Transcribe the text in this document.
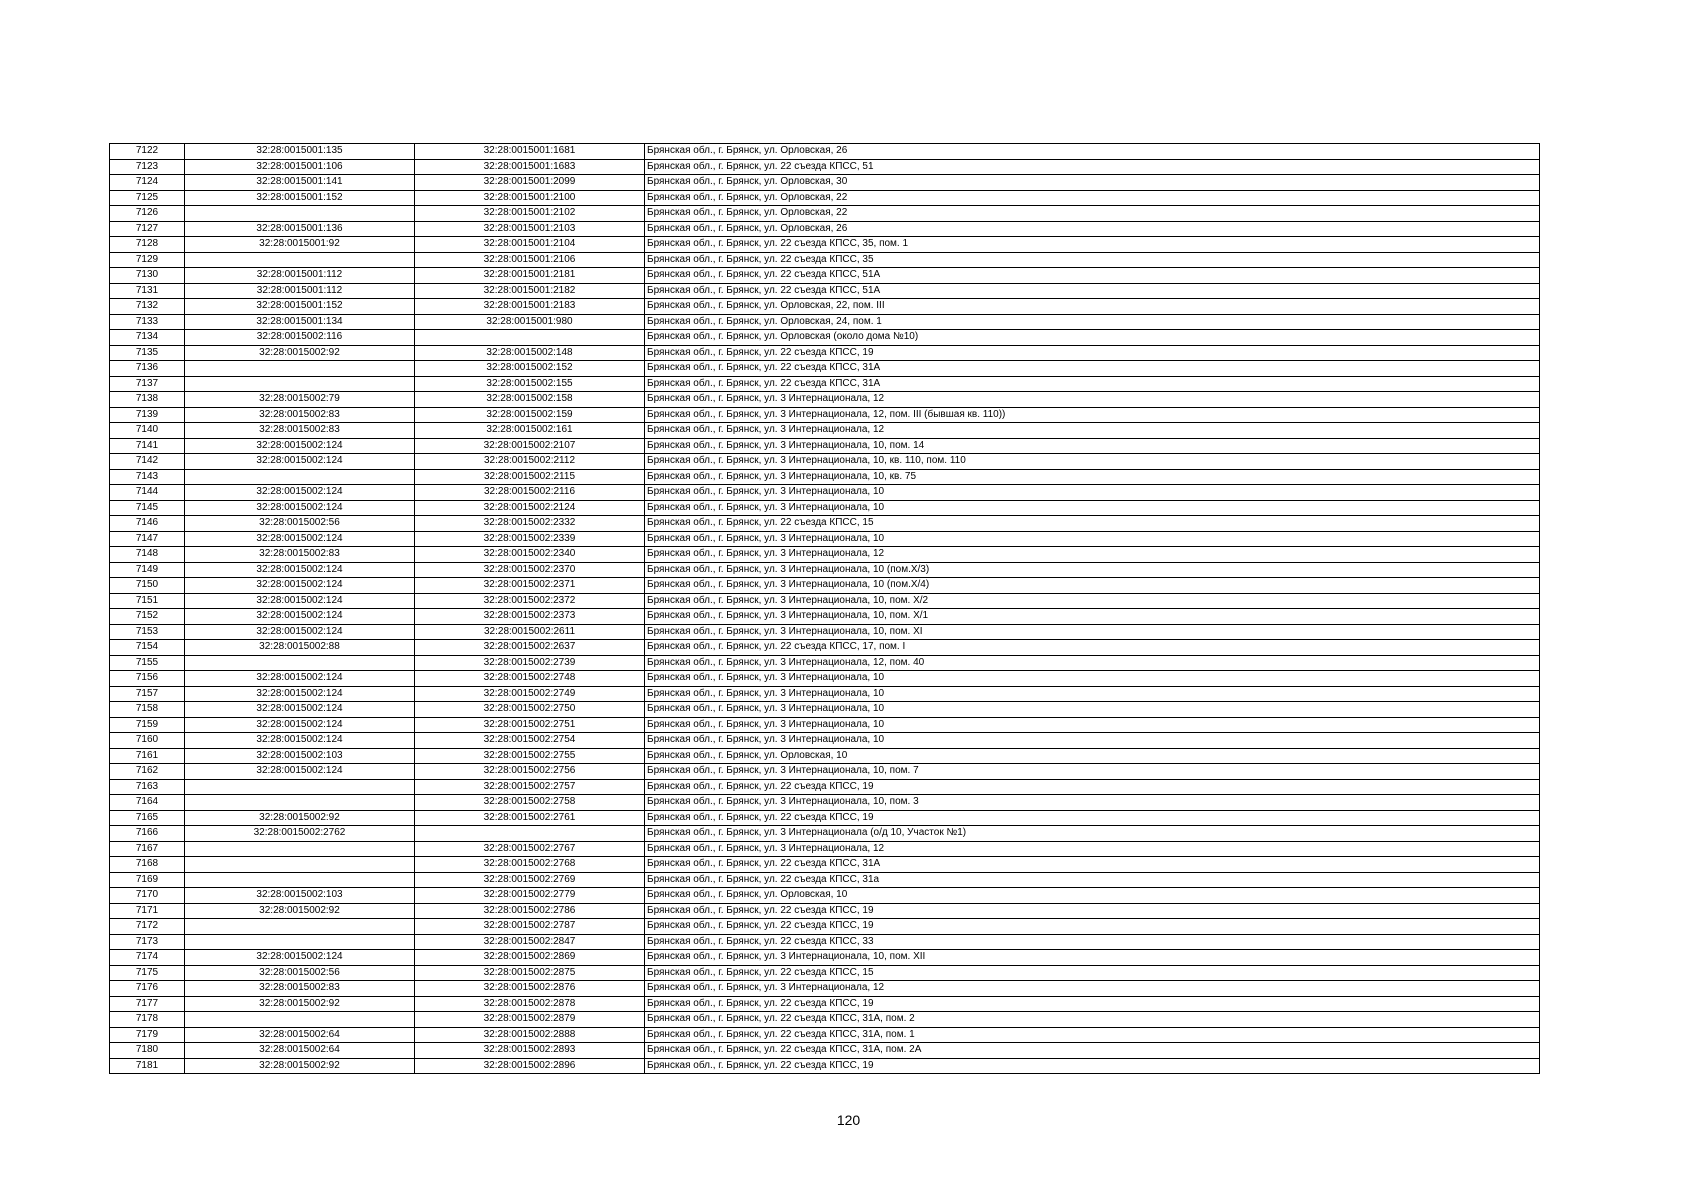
7122	32:28:0015001:135	32:28:0015001:1681	Брянская обл., г. Брянск, ул. Орловская, 26
7123	32:28:0015001:106	32:28:0015001:1683	Брянская обл., г. Брянск, ул. 22 съезда КПСС, 51
7124	32:28:0015001:141	32:28:0015001:2099	Брянская обл., г. Брянск, ул. Орловская, 30
7125	32:28:0015001:152	32:28:0015001:2100	Брянская обл., г. Брянск, ул. Орловская, 22
7126		32:28:0015001:2102	Брянская обл., г. Брянск, ул. Орловская, 22
7127	32:28:0015001:136	32:28:0015001:2103	Брянская обл., г. Брянск, ул. Орловская, 26
7128	32:28:0015001:92	32:28:0015001:2104	Брянская обл., г. Брянск, ул. 22 съезда КПСС, 35, пом. 1
7129		32:28:0015001:2106	Брянская обл., г. Брянск, ул. 22 съезда КПСС, 35
7130	32:28:0015001:112	32:28:0015001:2181	Брянская обл., г. Брянск, ул. 22 съезда КПСС, 51А
7131	32:28:0015001:112	32:28:0015001:2182	Брянская обл., г. Брянск, ул. 22 съезда КПСС, 51А
7132	32:28:0015001:152	32:28:0015001:2183	Брянская обл., г. Брянск, ул. Орловская, 22, пом. III
7133	32:28:0015001:134	32:28:0015001:980	Брянская обл., г. Брянск, ул. Орловская, 24, пом. 1
7134	32:28:0015002:116		Брянская обл., г. Брянск, ул. Орловская (около дома №10)
7135	32:28:0015002:92	32:28:0015002:148	Брянская обл., г. Брянск, ул. 22 съезда КПСС, 19
7136		32:28:0015002:152	Брянская обл., г. Брянск, ул. 22 съезда КПСС, 31А
7137		32:28:0015002:155	Брянская обл., г. Брянск, ул. 22 съезда КПСС, 31А
7138	32:28:0015002:79	32:28:0015002:158	Брянская обл., г. Брянск, ул. 3 Интернационала, 12
7139	32:28:0015002:83	32:28:0015002:159	Брянская обл., г. Брянск, ул. 3 Интернационала, 12, пом. III (бывшая кв. 110))
7140	32:28:0015002:83	32:28:0015002:161	Брянская обл., г. Брянск, ул. 3 Интернационала, 12
7141	32:28:0015002:124	32:28:0015002:2107	Брянская обл., г. Брянск, ул. 3 Интернационала, 10, пом. 14
7142	32:28:0015002:124	32:28:0015002:2112	Брянская обл., г. Брянск, ул. 3 Интернационала, 10, кв. 110, пом. 110
7143		32:28:0015002:2115	Брянская обл., г. Брянск, ул. 3 Интернационала, 10, кв. 75
7144	32:28:0015002:124	32:28:0015002:2116	Брянская обл., г. Брянск, ул. 3 Интернационала, 10
7145	32:28:0015002:124	32:28:0015002:2124	Брянская обл., г. Брянск, ул. 3 Интернационала, 10
7146	32:28:0015002:56	32:28:0015002:2332	Брянская обл., г. Брянск, ул. 22 съезда КПСС, 15
7147	32:28:0015002:124	32:28:0015002:2339	Брянская обл., г. Брянск, ул. 3 Интернационала, 10
7148	32:28:0015002:83	32:28:0015002:2340	Брянская обл., г. Брянск, ул. 3 Интернационала, 12
7149	32:28:0015002:124	32:28:0015002:2370	Брянская обл., г. Брянск, ул. 3 Интернационала, 10 (пом.Х/3)
7150	32:28:0015002:124	32:28:0015002:2371	Брянская обл., г. Брянск, ул. 3 Интернационала, 10 (пом.Х/4)
7151	32:28:0015002:124	32:28:0015002:2372	Брянская обл., г. Брянск, ул. 3 Интернационала, 10, пом. Х/2
7152	32:28:0015002:124	32:28:0015002:2373	Брянская обл., г. Брянск, ул. 3 Интернационала, 10, пом. Х/1
7153	32:28:0015002:124	32:28:0015002:2611	Брянская обл., г. Брянск, ул. 3 Интернационала, 10, пом. XI
7154	32:28:0015002:88	32:28:0015002:2637	Брянская обл., г. Брянск, ул. 22 съезда КПСС, 17, пом. I
7155		32:28:0015002:2739	Брянская обл., г. Брянск, ул. 3 Интернационала, 12, пом. 40
7156	32:28:0015002:124	32:28:0015002:2748	Брянская обл., г. Брянск, ул. 3 Интернационала, 10
7157	32:28:0015002:124	32:28:0015002:2749	Брянская обл., г. Брянск, ул. 3 Интернационала, 10
7158	32:28:0015002:124	32:28:0015002:2750	Брянская обл., г. Брянск, ул. 3 Интернационала, 10
7159	32:28:0015002:124	32:28:0015002:2751	Брянская обл., г. Брянск, ул. 3 Интернационала, 10
7160	32:28:0015002:124	32:28:0015002:2754	Брянская обл., г. Брянск, ул. 3 Интернационала, 10
7161	32:28:0015002:103	32:28:0015002:2755	Брянская обл., г. Брянск, ул. Орловская, 10
7162	32:28:0015002:124	32:28:0015002:2756	Брянская обл., г. Брянск, ул. 3 Интернационала, 10, пом. 7
7163		32:28:0015002:2757	Брянская обл., г. Брянск, ул. 22 съезда КПСС, 19
7164		32:28:0015002:2758	Брянская обл., г. Брянск, ул. 3 Интернационала, 10, пом. 3
7165	32:28:0015002:92	32:28:0015002:2761	Брянская обл., г. Брянск, ул. 22 съезда КПСС, 19
7166	32:28:0015002:2762		Брянская обл., г. Брянск, ул. 3 Интернационала (о/д 10, Участок №1)
7167		32:28:0015002:2767	Брянская обл., г. Брянск, ул. 3 Интернационала, 12
7168		32:28:0015002:2768	Брянская обл., г. Брянск, ул. 22 съезда КПСС, 31А
7169		32:28:0015002:2769	Брянская обл., г. Брянск, ул. 22 съезда КПСС, 31а
7170	32:28:0015002:103	32:28:0015002:2779	Брянская обл., г. Брянск, ул. Орловская, 10
7171	32:28:0015002:92	32:28:0015002:2786	Брянская обл., г. Брянск, ул. 22 съезда КПСС, 19
7172		32:28:0015002:2787	Брянская обл., г. Брянск, ул. 22 съезда КПСС, 19
7173		32:28:0015002:2847	Брянская обл., г. Брянск, ул. 22 съезда КПСС, 33
7174	32:28:0015002:124	32:28:0015002:2869	Брянская обл., г. Брянск, ул. 3 Интернационала, 10, пом. XII
7175	32:28:0015002:56	32:28:0015002:2875	Брянская обл., г. Брянск, ул. 22 съезда КПСС, 15
7176	32:28:0015002:83	32:28:0015002:2876	Брянская обл., г. Брянск, ул. 3 Интернационала, 12
7177	32:28:0015002:92	32:28:0015002:2878	Брянская обл., г. Брянск, ул. 22 съезда КПСС, 19
7178		32:28:0015002:2879	Брянская обл., г. Брянск, ул. 22 съезда КПСС, 31А, пом. 2
7179	32:28:0015002:64	32:28:0015002:2888	Брянская обл., г. Брянск, ул. 22 съезда КПСС, 31А, пом. 1
7180	32:28:0015002:64	32:28:0015002:2893	Брянская обл., г. Брянск, ул. 22 съезда КПСС, 31А, пом. 2А
7181	32:28:0015002:92	32:28:0015002:2896	Брянская обл., г. Брянск, ул. 22 съезда КПСС, 19
120
